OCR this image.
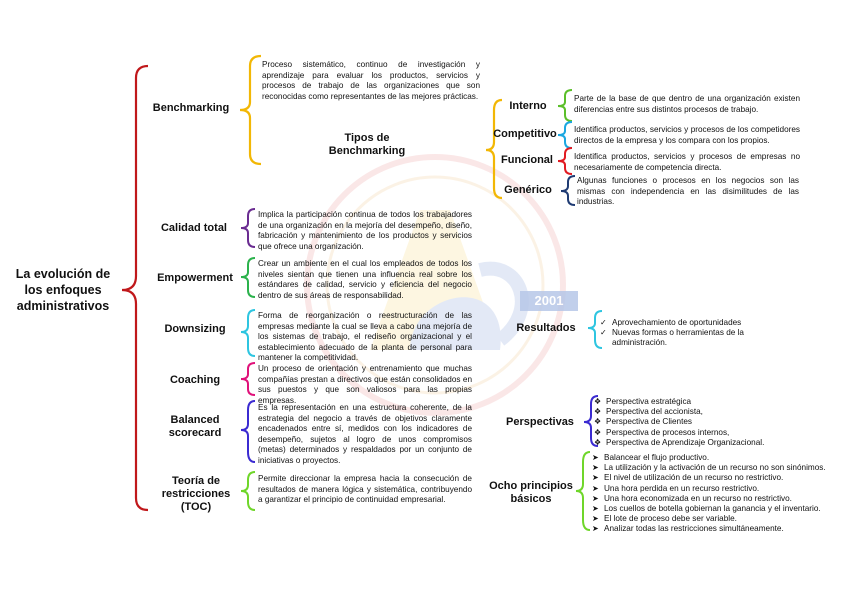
2001
La evolución de los enfoques administrativos
Benchmarking
Proceso sistemático, continuo de investigación y aprendizaje para evaluar los productos, servicios y procesos de trabajo de las organizaciones que son reconocidas como representantes de las mejores prácticas.
Tipos de Benchmarking
Interno
Parte de la base de que dentro de una organización existen diferencias entre sus distintos procesos de trabajo.
Competitivo Identifica productos, servicios y procesos de los competidores directos de la empresa y los compara con los propios.
Funcional	Identifica productos, servicios y procesos de empresas no necesariamente de competencia directa.
Genérico
Algunas funciones o procesos en los negocios son las mismas con independencia en las disimilitudes de las industrias.
Calidad total
Implica la participación continua de todos los trabajadores de una organización en la mejoría del desempeño, diseño, fabricación y mantenimiento de los productos y servicios que ofrece una organización.
Empowerment
Crear un ambiente en el cual los empleados de todos los niveles sientan que tienen una influencia real sobre los estándares de calidad, servicio y eficiencia del negocio dentro de sus áreas de responsabilidad.
Downsizing
Forma de reorganización o reestructuración de las empresas mediante la cual se lleva a cabo una mejoría de los sistemas de trabajo, el rediseño organizacional y el establecimiento adecuado de la planta de personal para mantener la competitividad.
Resultados	✓ Aprovechamiento de oportunidades
✓ Nuevas formas o herramientas de la administración.
Coaching
Un proceso de orientación y entrenamiento que muchas compañías prestan a directivos que están consolidados en sus puestos y que son valiosos para las propias empresas.
Balanced scorecard
Es la representación en una estructura coherente, de la estrategia del negocio a través de objetivos claramente encadenados entre sí, medidos con los indicadores de desempeño, sujetos al logro de unos compromisos (metas) determinados y respaldados por un conjunto de iniciativas o proyectos.
Perspectivas
❖ Perspectiva estratégica
❖ Perspectiva del accionista,
❖ Perspectiva de Clientes
❖ Perspectiva de procesos internos,
❖ Perspectiva de Aprendizaje Organizacional.
Teoría de restricciones (TOC)
Permite direccionar la empresa hacia la consecución de resultados de manera lógica y sistemática, contribuyendo a garantizar el principio de continuidad empresarial.
Ocho principios básicos
➤ Balancear el flujo productivo.
➤ La utilización y la activación de un recurso no son sinónimos.
➤ El nivel de utilización de un recurso no restrictivo.
➤ Una hora perdida en un recurso restrictivo.
➤ Una hora economizada en un recurso no restrictivo.
➤ Los cuellos de botella gobiernan la ganancia y el inventario.
➤ El lote de proceso debe ser variable.
➤ Analizar todas las restricciones simultáneamente.
